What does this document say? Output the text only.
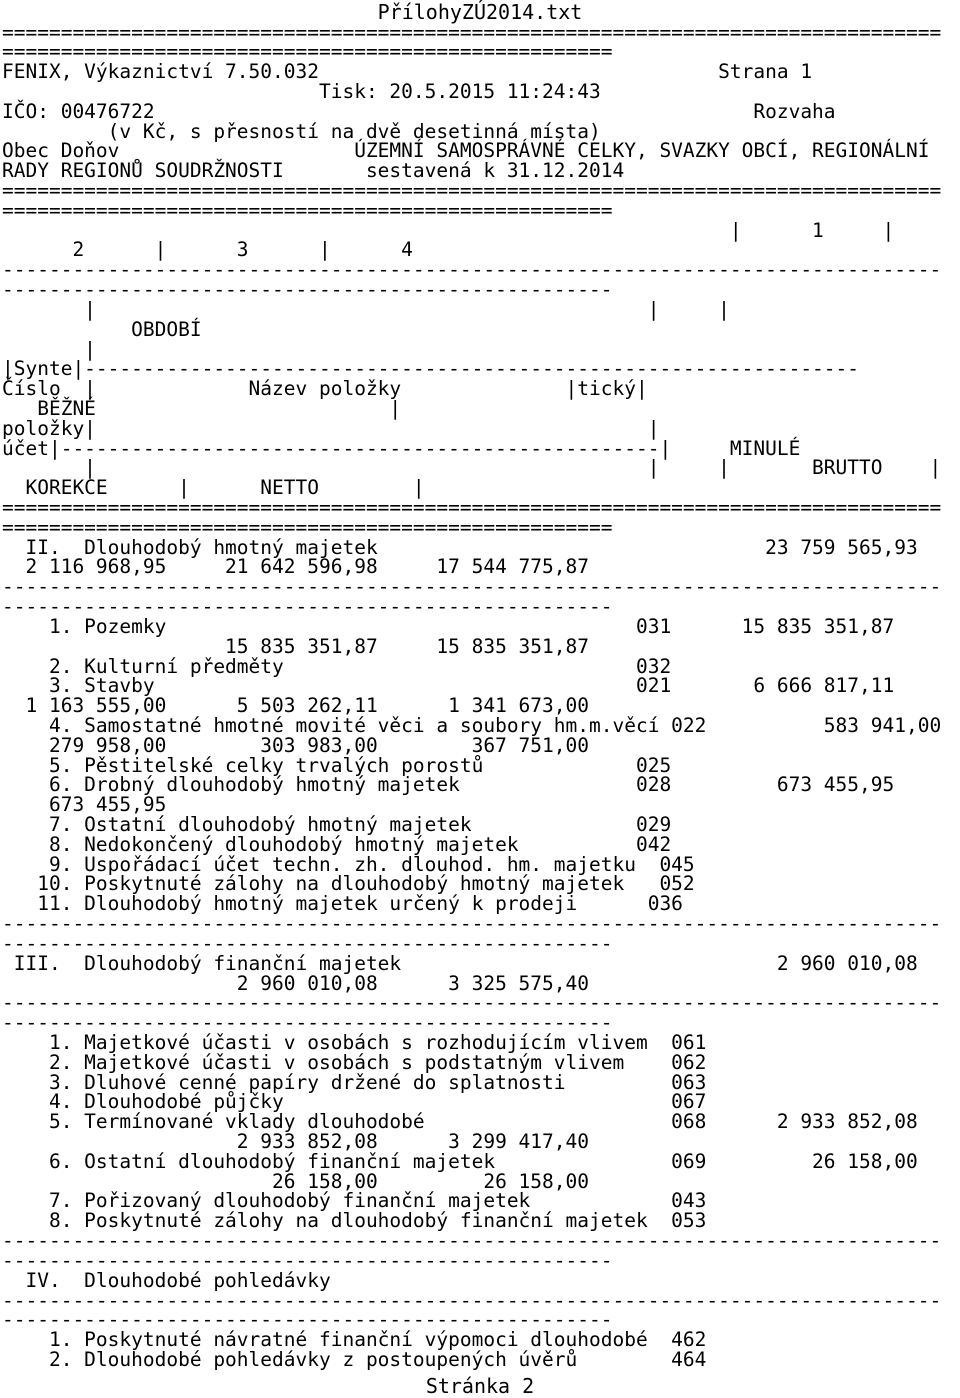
PřílohyZÚ2014.txt
================================================================================
====================================================
FENIX, Výkaznictví 7.50.032                                  Strana 1
Tisk: 20.5.2015 11:24:43
IČO: 00476722                                                   Rozvaha
(v Kč, s přesností na dvě desetinná místa)
Obec Doňov                    ÚZEMNÍ SAMOSPRÁVNÉ CELKY, SVAZKY OBCÍ, REGIONÁLNÍ
RADY REGIONŮ SOUDRŽNOSTI       sestavená k 31.12.2014
================================================================================
====================================================
|      1     |
2      |      3      |      4
--------------------------------------------------------------------------------
----------------------------------------------------
|                                               |     |
OBDOBÍ
|
|Synte|------------------------------------------------------------------
Číslo  |             Název položky              |tický|
BĚŽNÉ                         |
položky|                                               |
účet|---------------------------------------------------|     MINULÉ
|                                               |     |       BRUTTO    |
KOREKCE      |      NETTO        |
================================================================================
====================================================
II.  Dlouhodobý hmotný majetek                                 23 759 565,93
2 116 968,95     21 642 596,98     17 544 775,87
--------------------------------------------------------------------------------
----------------------------------------------------
1. Pozemky                                        031      15 835 351,87
15 835 351,87     15 835 351,87
2. Kulturní předměty                              032
3. Stavby                                         021       6 666 817,11
1 163 555,00      5 503 262,11      1 341 673,00
4. Samostatné hmotné movité věci a soubory hm.m.věcí 022          583 941,00
279 958,00        303 983,00        367 751,00
5. Pěstitelské celky trvalých porostů             025
6. Drobný dlouhodobý hmotný majetek               028         673 455,95
673 455,95
7. Ostatní dlouhodobý hmotný majetek              029
8. Nedokončený dlouhodobý hmotný majetek          042
9. Uspořádací účet techn. zh. dlouhod. hm. majetku  045
10. Poskytnuté zálohy na dlouhodobý hmotný majetek   052
11. Dlouhodobý hmotný majetek určený k prodeji      036
--------------------------------------------------------------------------------
----------------------------------------------------
III.  Dlouhodobý finanční majetek                                2 960 010,08
2 960 010,08      3 325 575,40
--------------------------------------------------------------------------------
----------------------------------------------------
1. Majetkové účasti v osobách s rozhodujícím vlivem  061
2. Majetkové účasti v osobách s podstatným vlivem    062
3. Dluhové cenné papíry držené do splatnosti         063
4. Dlouhodobé půjčky                                 067
5. Termínované vklady dlouhodobé                     068      2 933 852,08
2 933 852,08      3 299 417,40
6. Ostatní dlouhodobý finanční majetek               069         26 158,00
26 158,00         26 158,00
7. Pořizovaný dlouhodobý finanční majetek            043
8. Poskytnuté zálohy na dlouhodobý finanční majetek  053
--------------------------------------------------------------------------------
----------------------------------------------------
IV.  Dlouhodobé pohledávky
--------------------------------------------------------------------------------
----------------------------------------------------
1. Poskytnuté návratné finanční výpomoci dlouhodobé  462
2. Dlouhodobé pohledávky z postoupených úvěrů        464
Stránka 2
